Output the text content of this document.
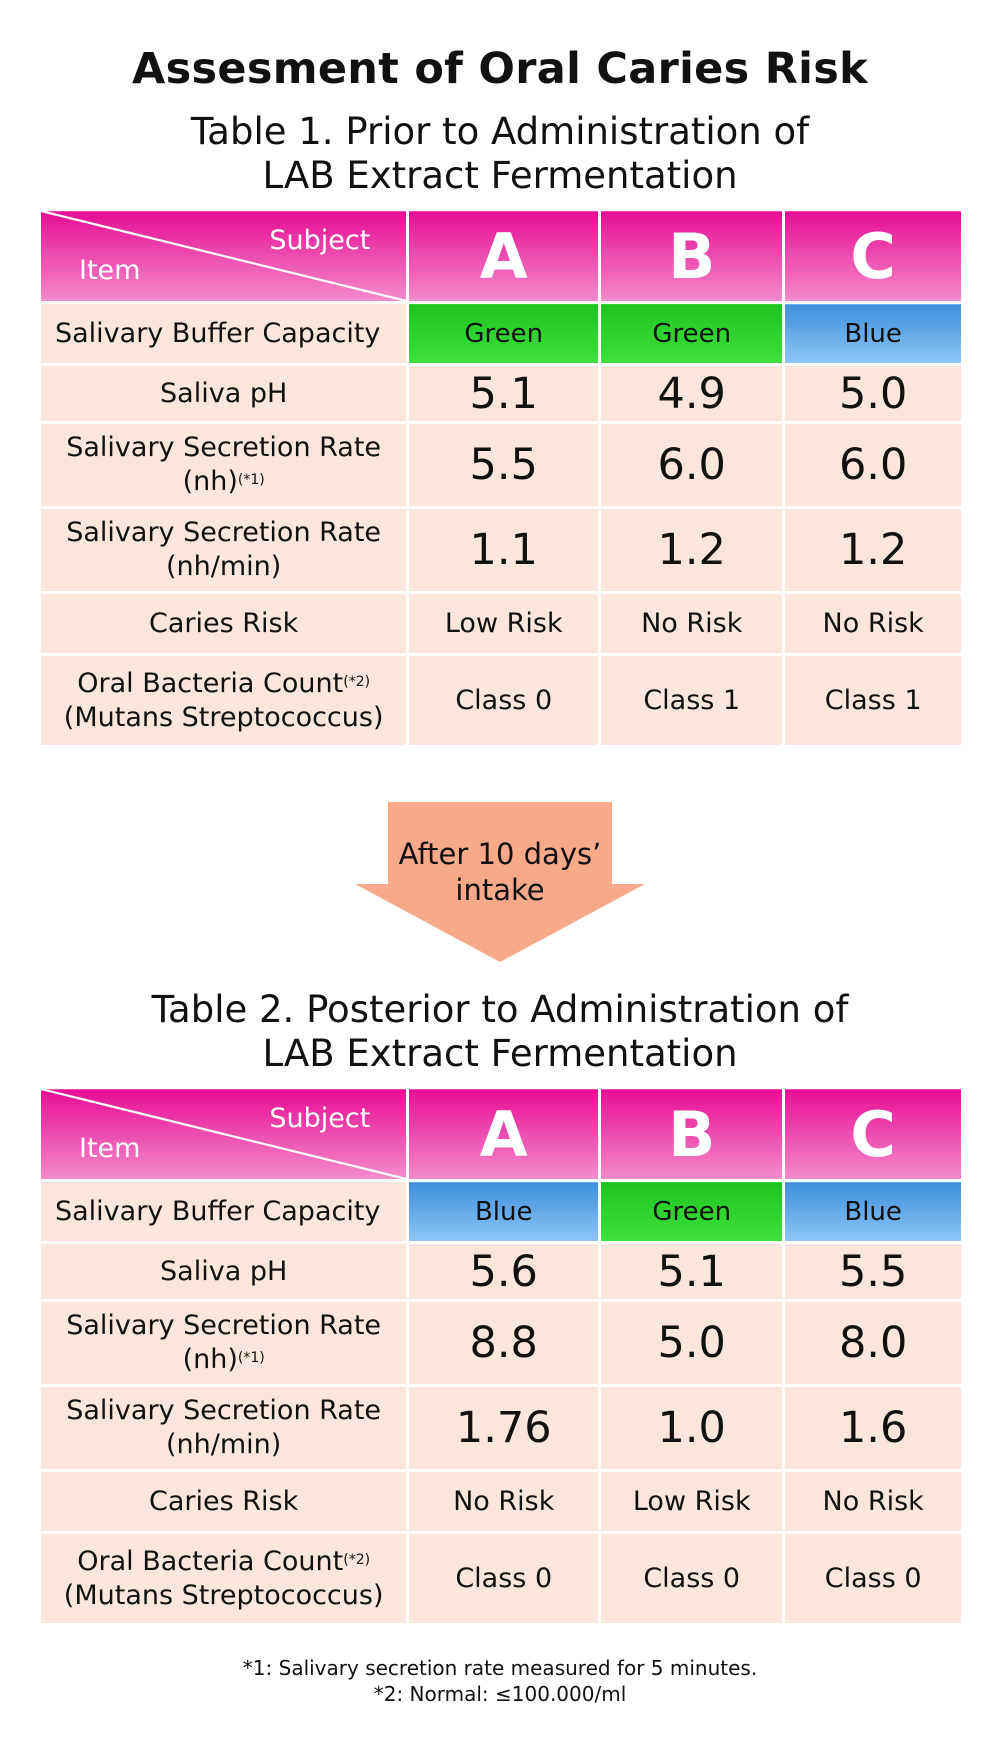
Assesment of Oral Caries Risk
Table 1. Prior to Administration of
LAB Extract Fermentation
Subject
Item	A	B	C
Salivary Buffer Capacity	Green	Green	Blue
Saliva pH	5.1	4.9	5.0

Salivary Secretion Rate
(nh)$^{(*1)}$	5.5	6.0	6.0

Salivary Secretion Rate
(nh/min)	1.1	1.2	1.2
Caries Risk	Low Risk	No Risk	No Risk

Oral Bacteria Count$^{(*2)}$
(Mutans Streptococcus)	Class 0	Class 1	Class 1
After 10 days’
intake
Table 2. Posterior to Administration of
LAB Extract Fermentation
Subject
Item	A	B	C
Salivary Buffer Capacity	Blue	Green	Blue
Saliva pH	5.6	5.1	5.5

Salivary Secretion Rate
(nh)$^{(*1)}$	8.8	5.0	8.0

Salivary Secretion Rate
(nh/min)	1.76	1.0	1.6
Caries Risk	No Risk	Low Risk	No Risk

Oral Bacteria Count$^{(*2)}$
(Mutans Streptococcus)	Class 0	Class 0	Class 0
*1: Salivary secretion rate measured for 5 minutes.
*2: Normal: ≤100.000/ml
